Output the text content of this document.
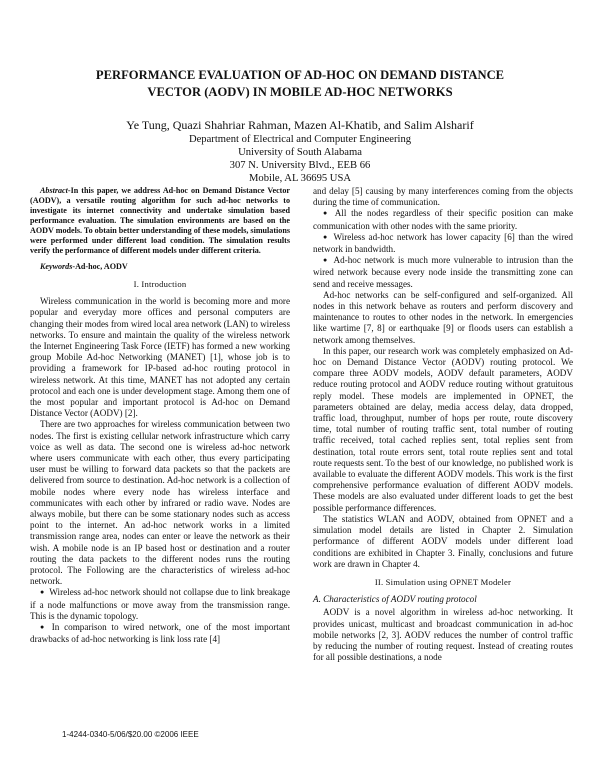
PERFORMANCE EVALUATION OF AD-HOC ON DEMAND DISTANCE
VECTOR (AODV) IN MOBILE AD-HOC NETWORKS
Ye Tung, Quazi Shahriar Rahman, Mazen Al-Khatib, and Salim Alsharif
Department of Electrical and Computer Engineering
University of South Alabama
307 N. University Blvd., EEB 66
Mobile, AL 36695 USA

Abstract-In this paper, we address Ad-hoc on Demand Distance Vector (AODV), a versatile routing algorithm for such ad-hoc networks to investigate its internet connectivity and undertake simulation based performance evaluation. The simulation environments are based on the AODV models. To obtain better understanding of these models, simulations were performed under different load condition. The simulation results verify the performance of different models under different criteria.

Keywords-Ad-hoc, AODV

I. Introduction

Wireless communication in the world is becoming more and more popular and everyday more offices and personal computers are changing their modes from wired local area network (LAN) to wireless networks. To ensure and maintain the quality of the wireless network the Internet Engineering Task Force (IETF) has formed a new working group Mobile Ad-hoc Networking (MANET) [1], whose job is to providing a framework for IP-based ad-hoc routing protocol in wireless network. At this time, MANET has not adopted any certain protocol and each one is under development stage. Among them one of the most popular and important protocol is Ad-hoc on Demand Distance Vector (AODV) [2].

There are two approaches for wireless communication between two nodes. The first is existing cellular network infrastructure which carry voice as well as data. The second one is wireless ad-hoc network where users communicate with each other, thus every participating user must be willing to forward data packets so that the packets are delivered from source to destination. Ad-hoc network is a collection of mobile nodes where every node has wireless interface and communicates with each other by infrared or radio wave. Nodes are always mobile, but there can be some stationary nodes such as access point to the internet. An ad-hoc network works in a limited transmission range area, nodes can enter or leave the network as their wish. A mobile node is an IP based host or destination and a router routing the data packets to the different nodes runs the routing protocol. The Following are the characteristics of wireless ad-hoc network.

● Wireless ad-hoc network should not collapse due to link breakage if a node malfunctions or move away from the transmission range. This is the dynamic topology.
● In comparison to wired network, one of the most important drawbacks of ad-hoc networking is link loss rate [4]

and delay [5] causing by many interferences coming from the objects during the time of communication.

● All the nodes regardless of their specific position can make communication with other nodes with the same priority.
● Wireless ad-hoc network has lower capacity [6] than the wired network in bandwidth.
● Ad-hoc network is much more vulnerable to intrusion than the wired network because every node inside the transmitting zone can send and receive messages.

Ad-hoc networks can be self-configured and self-organized. All nodes in this network behave as routers and perform discovery and maintenance to routes to other nodes in the network. In emergencies like wartime [7, 8] or earthquake [9] or floods users can establish a network among themselves.

In this paper, our research work was completely emphasized on Ad-hoc on Demand Distance Vector (AODV) routing protocol. We compare three AODV models, AODV default parameters, AODV reduce routing protocol and AODV reduce routing without gratuitous reply model. These models are implemented in OPNET, the parameters obtained are delay, media access delay, data dropped, traffic load, throughput, number of hops per route, route discovery time, total number of routing traffic sent, total number of routing traffic received, total cached replies sent, total replies sent from destination, total route errors sent, total route replies sent and total route requests sent. To the best of our knowledge, no published work is available to evaluate the different AODV models. This work is the first comprehensive performance evaluation of different AODV models. These models are also evaluated under different loads to get the best possible performance differences.

The statistics WLAN and AODV, obtained from OPNET and a simulation model details are listed in Chapter 2. Simulation performance of different AODV models under different load conditions are exhibited in Chapter 3. Finally, conclusions and future work are drawn in Chapter 4.

II. Simulation using OPNET Modeler
A. Characteristics of AODV routing protocol

AODV is a novel algorithm in wireless ad-hoc networking. It provides unicast, multicast and broadcast communication in ad-hoc mobile networks [2, 3]. AODV reduces the number of control traffic by reducing the number of routing request. Instead of creating routes for all possible destinations, a node

1-4244-0340-5/06/$20.00 ©2006 IEEE
